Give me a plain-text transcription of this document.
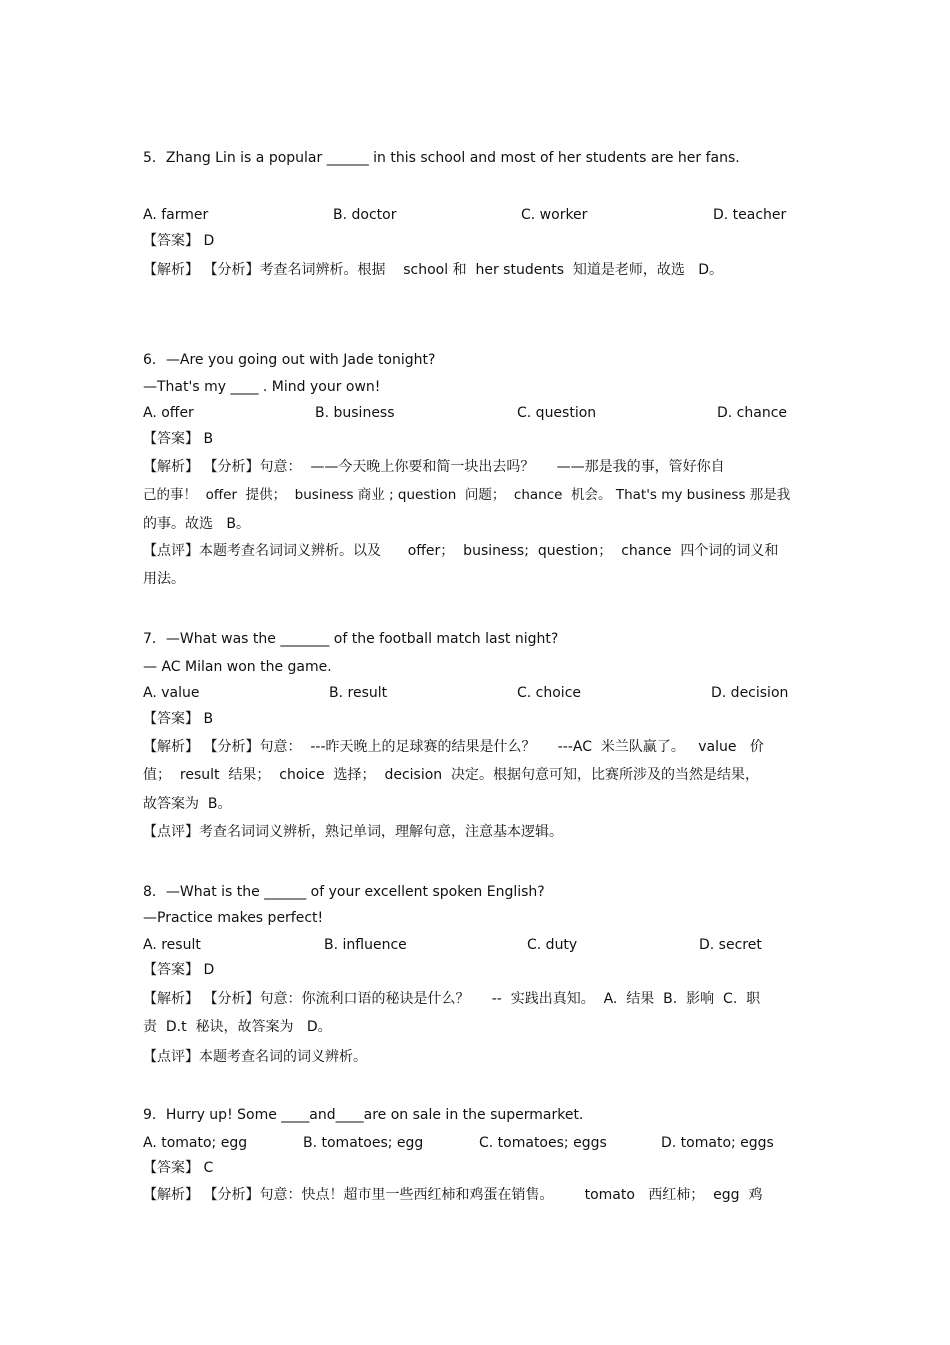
5．Zhang Lin is a popular ______ in this school and most of her students are her fans.
A. farmer	B. doctor	C. worker	D. teacher
【答案】 D
【解析】 【分析】考查名词辨析。根据    school 和  her students  知道是老师，故选   D。
6．—Are you going out with Jade tonight?
—That's my ____ . Mind your own!
A. offer	B. business	C. question	D. chance
【答案】 B
【解析】 【分析】句意：  ——今天晚上你要和简一块出去吗？     ——那是我的事，管好你自
己的事！  offer  提供；  business 商业 ; question  问题；  chance  机会。 That's my business 那是我
的事。故选   B。
【点评】本题考查名词词义辨析。以及      offer；  business;  question；  chance  四个词的词义和
用法。
7．—What was the _______ of the football match last night?
— AC Milan won the game.
A. value	B. result	C. choice	D. decision
【答案】 B
【解析】 【分析】句意：  ---昨天晚上的足球赛的结果是什么？     ---AC  米兰队赢了。   value   价
值；  result  结果；  choice  选择；  decision  决定。根据句意可知，比赛所涉及的当然是结果，
故答案为  B。
【点评】考查名词词义辨析，熟记单词，理解句意，注意基本逻辑。
8．—What is the ______ of your excellent spoken English?
—Practice makes perfect!
A. result	B. influence	C. duty	D. secret
【答案】 D
【解析】 【分析】句意：你流利口语的秘诀是什么？     --  实践出真知。  A.  结果  B.  影响  C.  职
责  D.t  秘诀，故答案为   D。
【点评】本题考查名词的词义辨析。
9．Hurry up! Some ____and____are on sale in the supermarket.
A. tomato; egg	B. tomatoes; egg	C. tomatoes; eggs	D. tomato; eggs
【答案】 C
【解析】 【分析】句意：快点！超市里一些西红柿和鸡蛋在销售。       tomato   西红柿；  egg  鸡
